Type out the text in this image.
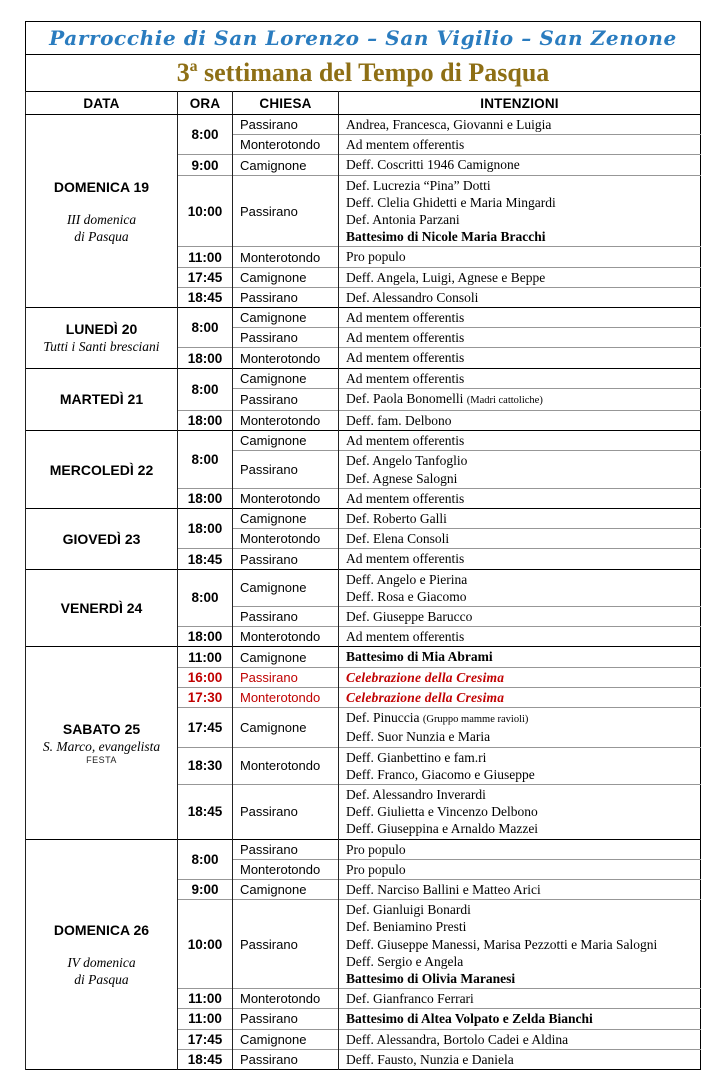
Parrocchie di San Lorenzo – San Vigilio – San Zenone
3ª settimana del Tempo di Pasqua
DATA	ORA	CHIESA	INTENZIONI

DOMENICA 19
III domenica
di Pasqua	8:00	Passirano	Andrea, Francesca, Giovanni e Luigia

		Monterotondo	Ad mentem offerentis

	9:00	Camignone	Deff. Coscritti 1946 Camignone

	10:00	Passirano	Def. Lucrezia “Pina” Dotti
Deff. Clelia Ghidetti e Maria Mingardi
Def. Antonia Parzani
Battesimo di Nicole Maria Bracchi

	11:00	Monterotondo	Pro populo

	17:45	Camignone	Deff. Angela, Luigi, Agnese e Beppe

	18:45	Passirano	Def. Alessandro Consoli

LUNEDÌ 20
Tutti i Santi bresciani	8:00	Camignone	Ad mentem offerentis

		Passirano	Ad mentem offerentis

	18:00	Monterotondo	Ad mentem offerentis

MARTEDÌ 21	8:00	Camignone	Ad mentem offerentis

		Passirano	Def. Paola Bonomelli (Madri cattoliche)

	18:00	Monterotondo	Deff. fam. Delbono

MERCOLEDÌ 22	8:00	Camignone	Ad mentem offerentis

		Passirano	Def. Angelo Tanfoglio
Def. Agnese Salogni

	18:00	Monterotondo	Ad mentem offerentis

GIOVEDÌ 23	18:00	Camignone	Def. Roberto Galli

		Monterotondo	Def. Elena Consoli

	18:45	Passirano	Ad mentem offerentis

VENERDÌ 24	8:00	Camignone	Deff. Angelo e Pierina
Deff. Rosa e Giacomo

		Passirano	Def. Giuseppe Barucco

	18:00	Monterotondo	Ad mentem offerentis

SABATO 25
S. Marco, evangelista
FESTA	11:00	Camignone	Battesimo di Mia Abrami

	16:00	Passirano	Celebrazione della Cresima

	17:30	Monterotondo	Celebrazione della Cresima

	17:45	Camignone	Def. Pinuccia (Gruppo mamme ravioli)
Deff. Suor Nunzia e Maria

	18:30	Monterotondo	Deff. Gianbettino e fam.ri
Deff. Franco, Giacomo e Giuseppe

	18:45	Passirano	Def. Alessandro Inverardi
Deff. Giulietta e Vincenzo Delbono
Deff. Giuseppina e Arnaldo Mazzei

DOMENICA 26
IV domenica
di Pasqua	8:00	Passirano	Pro populo

		Monterotondo	Pro populo

	9:00	Camignone	Deff. Narciso Ballini e Matteo Arici

	10:00	Passirano	Def. Gianluigi Bonardi
Def. Beniamino Presti
Deff. Giuseppe Manessi, Marisa Pezzotti e Maria Salogni
Deff. Sergio e Angela
Battesimo di Olivia Maranesi

	11:00	Monterotondo	Def. Gianfranco Ferrari

	11:00	Passirano	Battesimo di Altea Volpato e Zelda Bianchi

	17:45	Camignone	Deff. Alessandra, Bortolo Cadei e Aldina

	18:45	Passirano	Deff. Fausto, Nunzia e Daniela
